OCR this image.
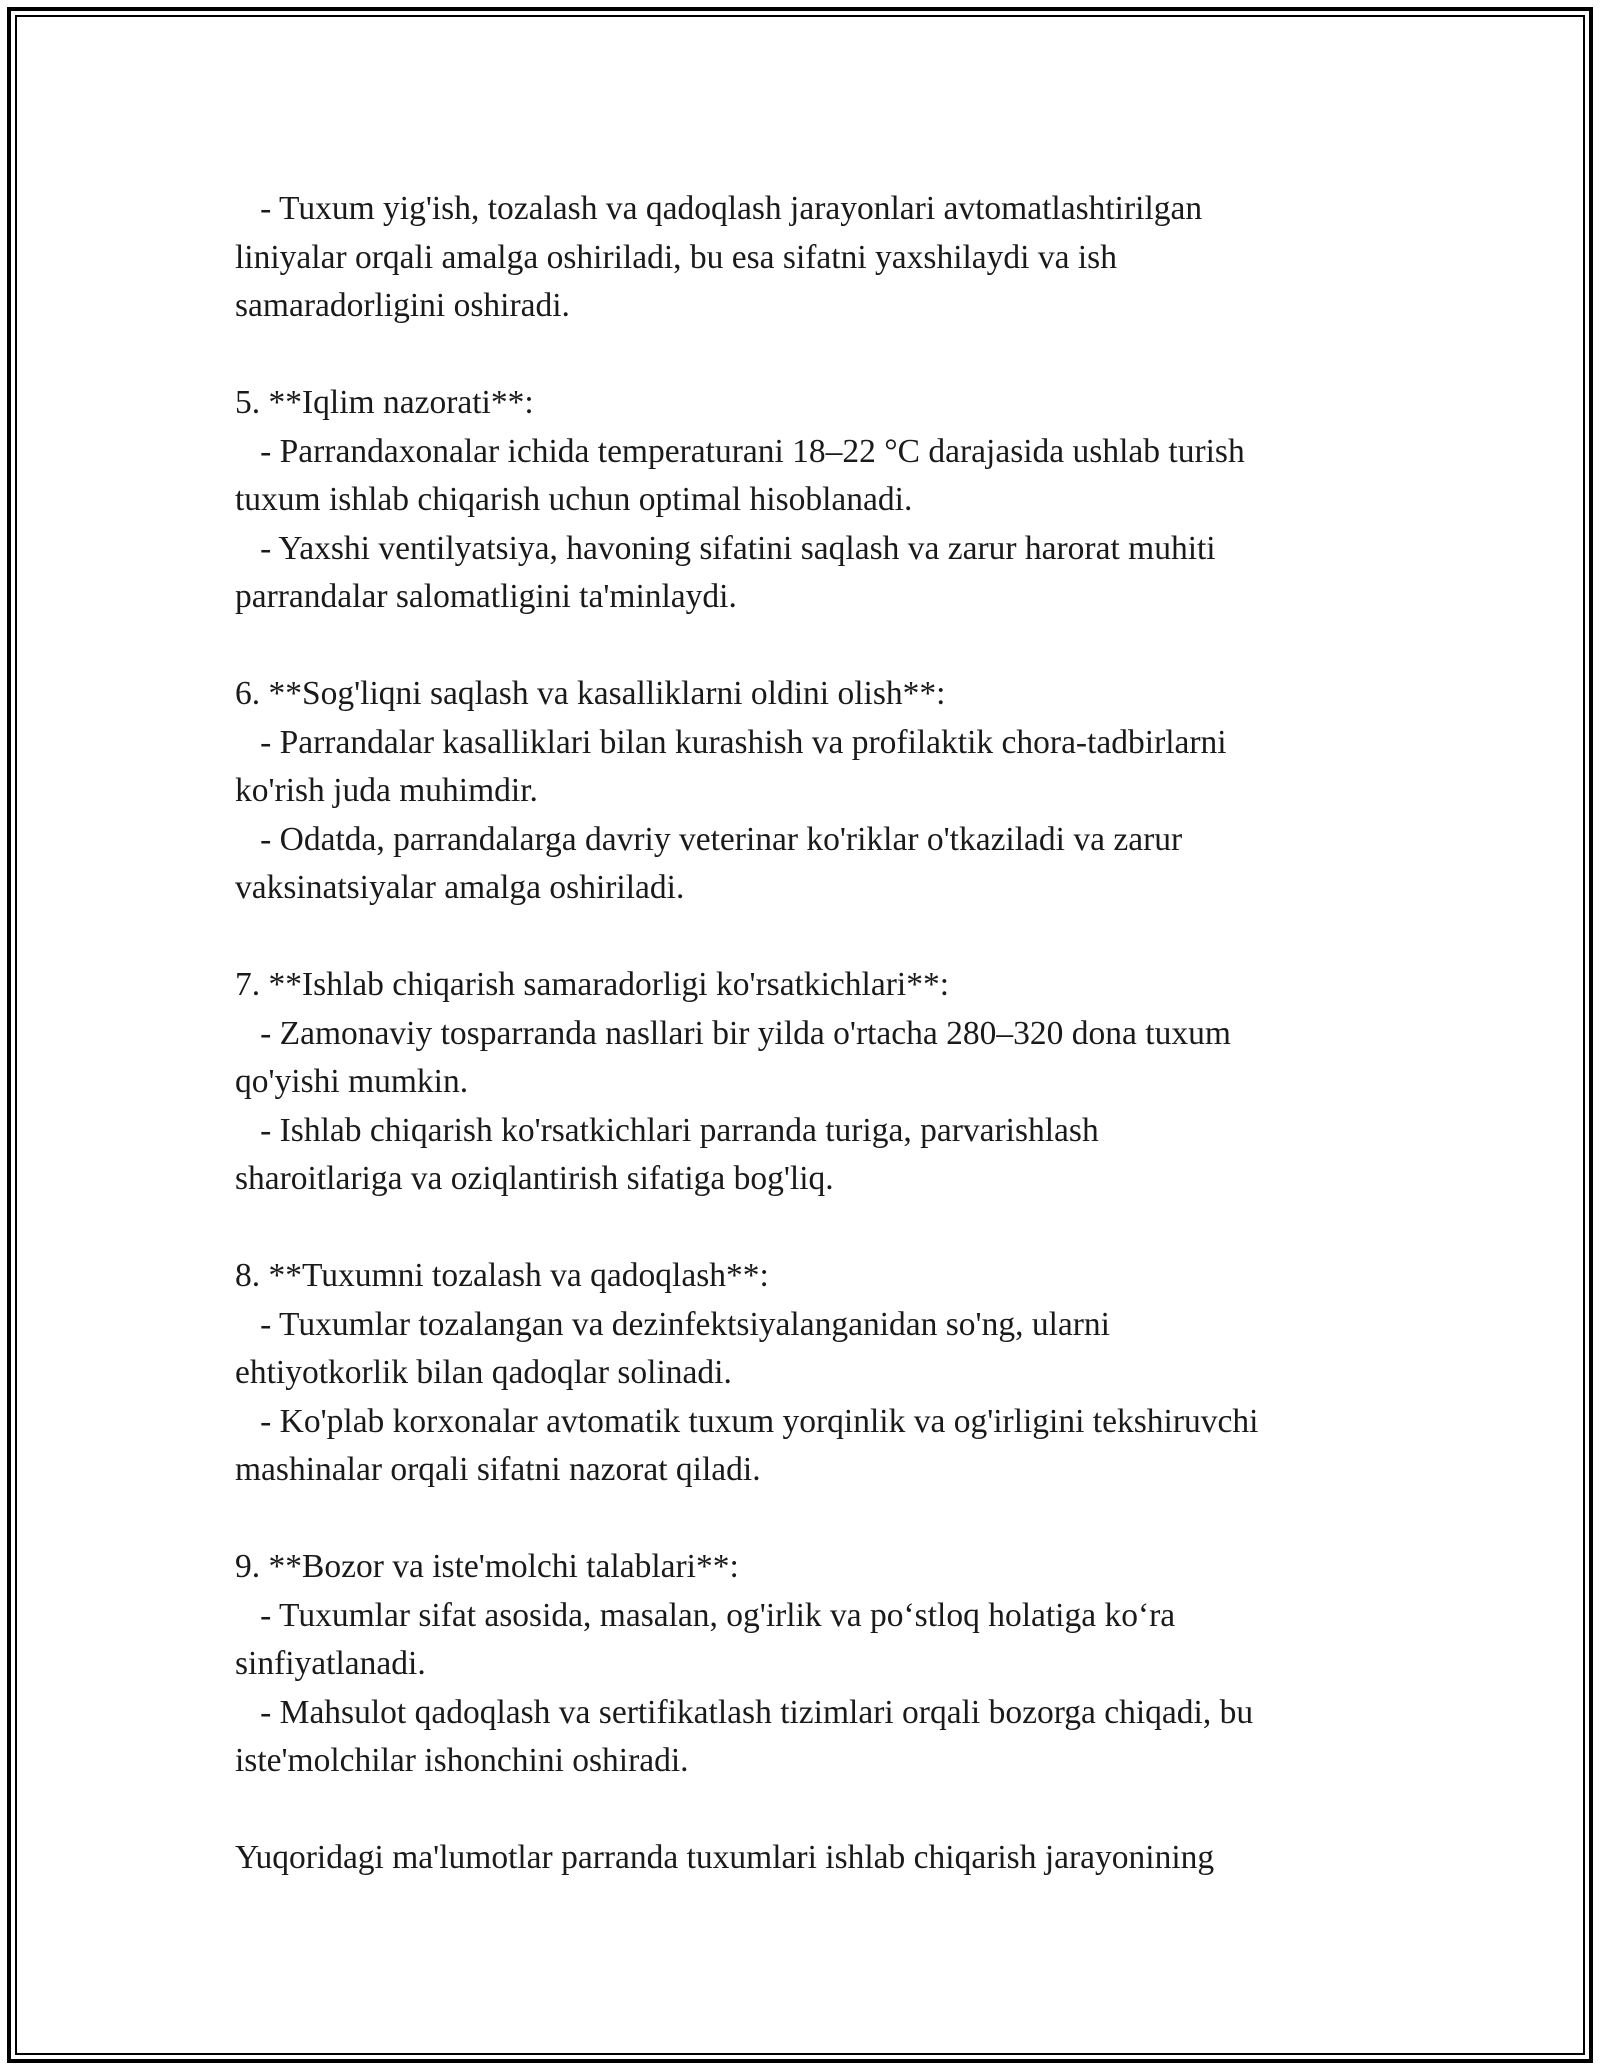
- Tuxum yig'ish, tozalash va qadoqlash jarayonlari avtomatlashtirilgan
liniyalar orqali amalga oshiriladi, bu esa sifatni yaxshilaydi va ish
samaradorligini oshiradi.
5. **Iqlim nazorati**:
- Parrandaxonalar ichida temperaturani 18–22 °C darajasida ushlab turish
tuxum ishlab chiqarish uchun optimal hisoblanadi.
- Yaxshi ventilyatsiya, havoning sifatini saqlash va zarur harorat muhiti
parrandalar salomatligini ta'minlaydi.
6. **Sog'liqni saqlash va kasalliklarni oldini olish**:
- Parrandalar kasalliklari bilan kurashish va profilaktik chora-tadbirlarni
ko'rish juda muhimdir.
- Odatda, parrandalarga davriy veterinar ko'riklar o'tkaziladi va zarur
vaksinatsiyalar amalga oshiriladi.
7. **Ishlab chiqarish samaradorligi ko'rsatkichlari**:
- Zamonaviy tosparranda nasllari bir yilda o'rtacha 280–320 dona tuxum
qo'yishi mumkin.
- Ishlab chiqarish ko'rsatkichlari parranda turiga, parvarishlash
sharoitlariga va oziqlantirish sifatiga bog'liq.
8. **Tuxumni tozalash va qadoqlash**:
- Tuxumlar tozalangan va dezinfektsiyalanganidan so'ng, ularni
ehtiyotkorlik bilan qadoqlar solinadi.
- Ko'plab korxonalar avtomatik tuxum yorqinlik va og'irligini tekshiruvchi
mashinalar orqali sifatni nazorat qiladi.
9. **Bozor va iste'molchi talablari**:
- Tuxumlar sifat asosida, masalan, og'irlik va po‘stloq holatiga ko‘ra
sinfiyatlanadi.
- Mahsulot qadoqlash va sertifikatlash tizimlari orqali bozorga chiqadi, bu
iste'molchilar ishonchini oshiradi.
Yuqoridagi ma'lumotlar parranda tuxumlari ishlab chiqarish jarayonining
